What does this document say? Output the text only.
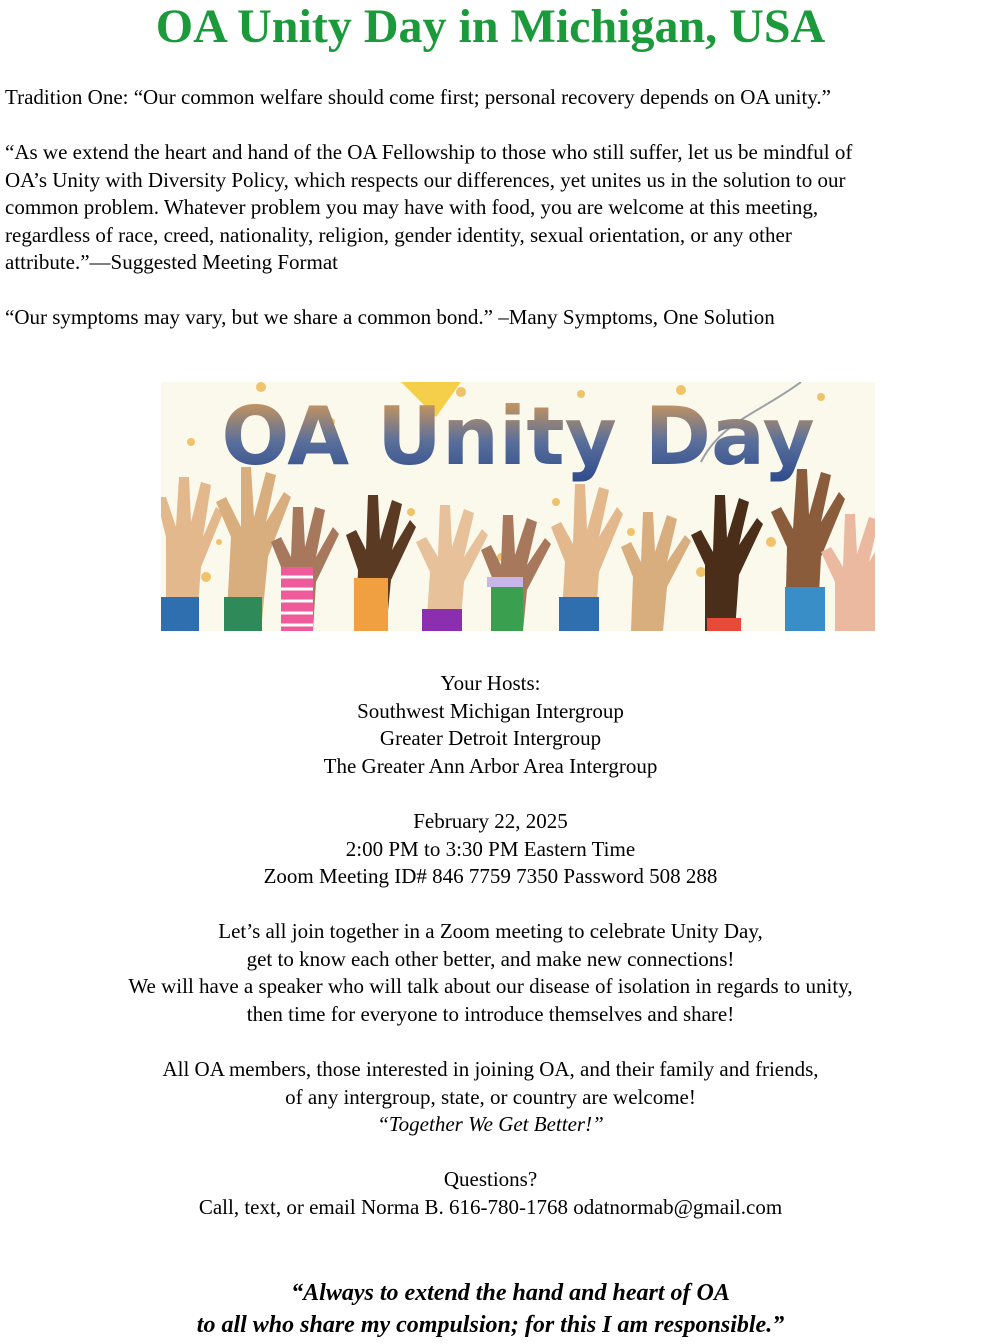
OA Unity Day in Michigan, USA
Tradition One: “Our common welfare should come first; personal recovery depends on OA unity.”
“As we extend the heart and hand of the OA Fellowship to those who still suffer, let us be mindful of
OA’s Unity with Diversity Policy, which respects our differences, yet unites us in the solution to our
common problem. Whatever problem you may have with food, you are welcome at this meeting,
regardless of race, creed, nationality, religion, gender identity, sexual orientation, or any other
attribute.”—Suggested Meeting Format
“Our symptoms may vary, but we share a common bond.” –Many Symptoms, One Solution
OA Unity Day
Your Hosts:
Southwest Michigan Intergroup
Greater Detroit Intergroup
The Greater Ann Arbor Area Intergroup
February 22, 2025
2:00 PM to 3:30 PM Eastern Time
Zoom Meeting ID# 846 7759 7350 Password 508 288
Let’s all join together in a Zoom meeting to celebrate Unity Day,
get to know each other better, and make new connections!
We will have a speaker who will talk about our disease of isolation in regards to unity,
then time for everyone to introduce themselves and share!
All OA members, those interested in joining OA, and their family and friends,
of any intergroup, state, or country are welcome!
“Together We Get Better!”
Questions?
Call, text, or email Norma B. 616-780-1768 odatnormab@gmail.com
“Always to extend the hand and heart of OA
to all who share my compulsion; for this I am responsible.”
